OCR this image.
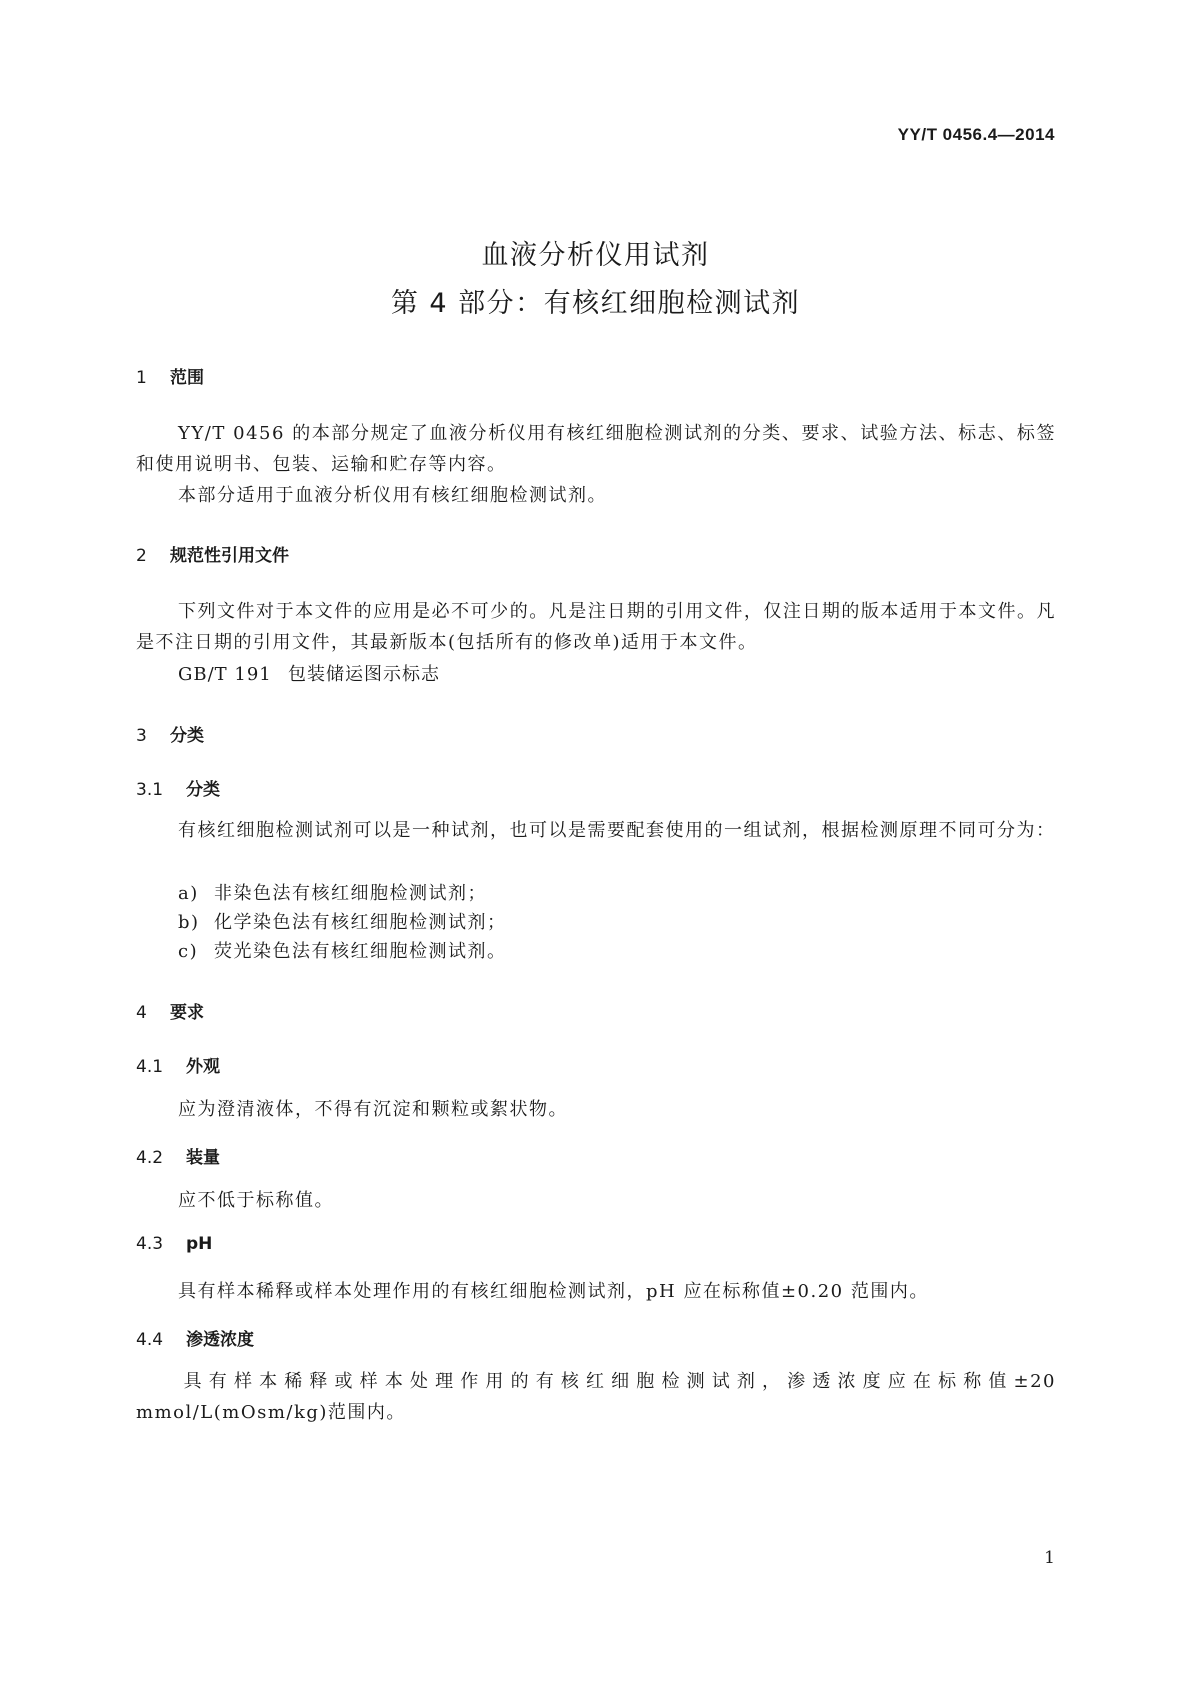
YY/T 0456.4—2014
血液分析仪用试剂
第 4 部分：有核红细胞检测试剂
1 范围
YY/T 0456 的本部分规定了血液分析仪用有核红细胞检测试剂的分类、要求、试验方法、标志、标签和使用说明书、包装、运输和贮存等内容。
本部分适用于血液分析仪用有核红细胞检测试剂。
2 规范性引用文件
下列文件对于本文件的应用是必不可少的。凡是注日期的引用文件，仅注日期的版本适用于本文件。凡是不注日期的引用文件，其最新版本(包括所有的修改单)适用于本文件。
GB/T 191 包装储运图示标志
3 分类
3.1 分类
有核红细胞检测试剂可以是一种试剂，也可以是需要配套使用的一组试剂，根据检测原理不同可分为：
a) 非染色法有核红细胞检测试剂；
b) 化学染色法有核红细胞检测试剂；
c) 荧光染色法有核红细胞检测试剂。
4 要求
4.1 外观
应为澄清液体，不得有沉淀和颗粒或絮状物。
4.2 装量
应不低于标称值。
4.3 pH
具有样本稀释或样本处理作用的有核红细胞检测试剂，pH 应在标称值±0.20 范围内。
4.4 渗透浓度
具有样本稀释或样本处理作用的有核红细胞检测试剂，渗透浓度应在标称值±20 mmol/L(mOsm/kg)范围内。
1
